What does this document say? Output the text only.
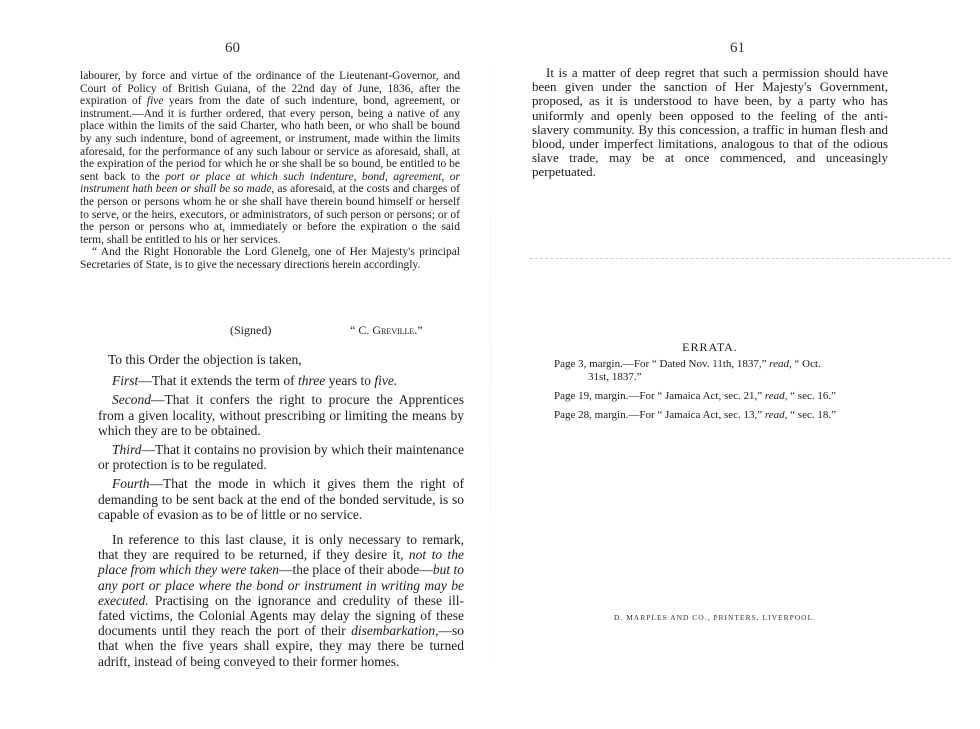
60

labourer, by force and virtue of the ordinance of the Lieutenant-Governor, and Court of Policy of British Guiana, of the 22nd day of June, 1836, after the expiration of five years from the date of such indenture, bond, agreement, or instrument.—And it is further ordered, that every person, being a native of any place within the limits of the said Charter, who hath been, or who shall be bound by any such indenture, bond of agreement, or instrument, made within the limits aforesaid, for the performance of any such labour or service as aforesaid, shall, at the expiration of the period for which he or she shall be so bound, be entitled to be sent back to the port or place at which such indenture, bond, agreement, or instrument hath been or shall be so made, as aforesaid, at the costs and charges of the person or persons whom he or she shall have therein bound himself or herself to serve, or the heirs, executors, or administrators, of such person or persons; or of the person or persons who at, immediately or before the expiration o the said term, shall be entitled to his or her services.

“ And the Right Honorable the Lord Glenelg, one of Her Majesty's principal Secretaries of State, is to give the necessary directions herein accordingly.

(Signed)	“ C. Greville.”

To this Order the objection is taken,

First—That it extends the term of three years to five.

Second—That it confers the right to procure the Apprentices from a given locality, without prescribing or limiting the means by which they are to be obtained.

Third—That it contains no provision by which their maintenance or protection is to be regulated.

Fourth—That the mode in which it gives them the right of demanding to be sent back at the end of the bonded servitude, is so capable of evasion as to be of little or no service.

In reference to this last clause, it is only necessary to remark, that they are required to be returned, if they desire it, not to the place from which they were taken—the place of their abode—but to any port or place where the bond or instrument in writing may be executed. Practising on the ignorance and credulity of these ill-fated victims, the Colonial Agents may delay the signing of these documents until they reach the port of their disembarkation,—so that when the five years shall expire, they may there be turned adrift, instead of being conveyed to their former homes.

61

It is a matter of deep regret that such a permission should have been given under the sanction of Her Majesty's Government, proposed, as it is understood to have been, by a party who has uniformly and openly been opposed to the feeling of the anti-slavery community. By this concession, a traffic in human flesh and blood, under imperfect limitations, analogous to that of the odious slave trade, may be at once commenced, and unceasingly perpetuated.

ERRATA.
Page 3, margin.—For “ Dated Nov. 11th, 1837,” read, “ Oct.
31st, 1837.”
Page 19, margin.—For “ Jamaica Act, sec. 21,” read, “ sec. 16.”
Page 28, margin.—For “ Jamaica Act, sec. 13,” read, “ sec. 18.”
D. MARPLES AND CO., PRINTERS, LIVERPOOL.
